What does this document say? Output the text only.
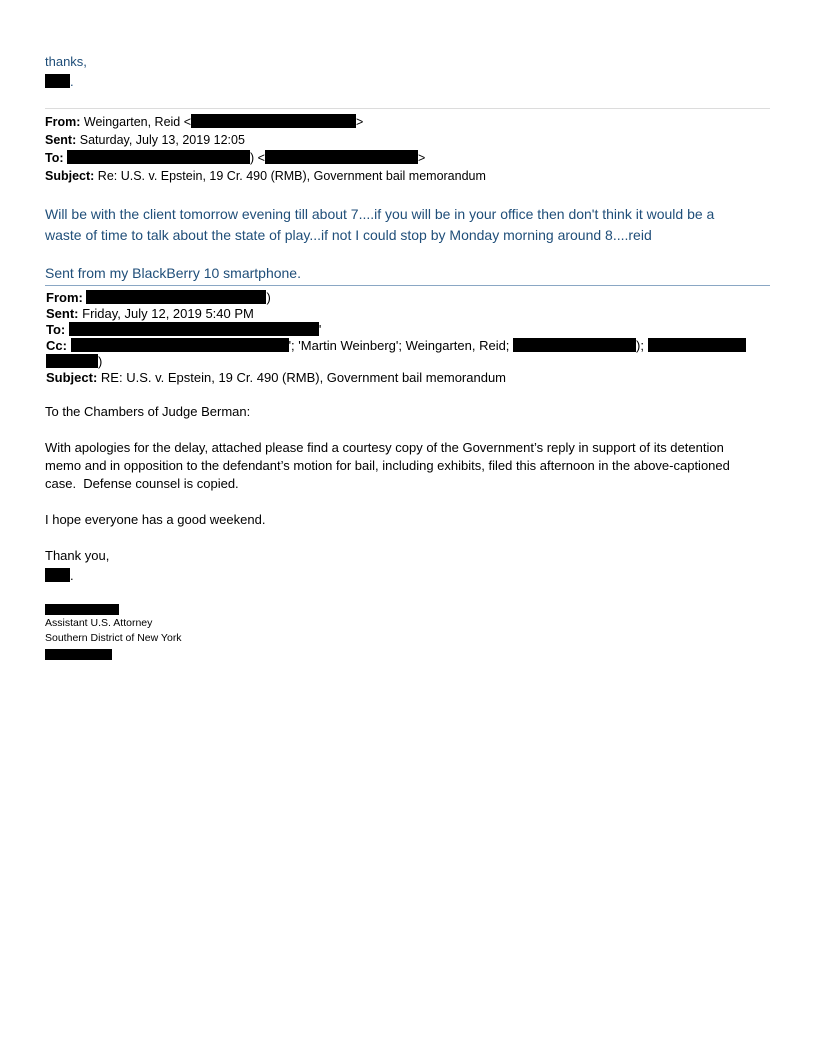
thanks,
.
From: Weingarten, Reid <	>
Sent: Saturday, July 13, 2019 12:05
To:	) <	>
Subject: Re: U.S. v. Epstein, 19 Cr. 490 (RMB), Government bail memorandum
Will be with the client tomorrow evening till about 7....if you will be in your office then don't think it would be a
waste of time to talk about the state of play...if not I could stop by Monday morning around 8....reid
Sent from my BlackBerry 10 smartphone.
From:	)
Sent: Friday, July 12, 2019 5:40 PM
To:	'
Cc:	'; 'Martin Weinberg'; Weingarten, Reid;	);
)
Subject: RE: U.S. v. Epstein, 19 Cr. 490 (RMB), Government bail memorandum
To the Chambers of Judge Berman:
With apologies for the delay, attached please find a courtesy copy of the Government’s reply in support of its detention
memo and in opposition to the defendant’s motion for bail, including exhibits, filed this afternoon in the above-captioned
case.  Defense counsel is copied.
I hope everyone has a good weekend.
Thank you,
.
Assistant U.S. Attorney
Southern District of New York
